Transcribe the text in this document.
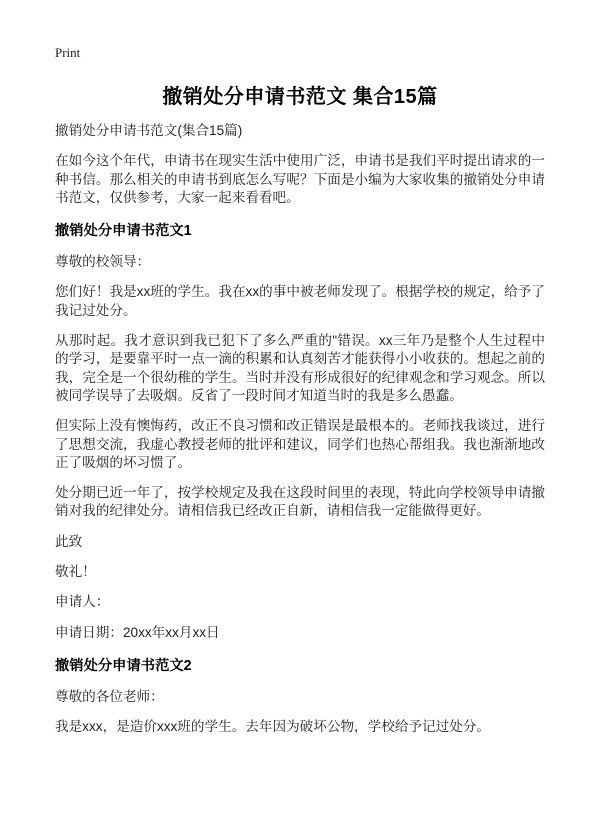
Print
撤销处分申请书范文 集合15篇

撤销处分申请书范文(集合15篇)

在如今这个年代，申请书在现实生活中使用广泛，申请书是我们平时提出请求的一种书信。那么相关的申请书到底怎么写呢？下面是小编为大家收集的撤销处分申请书范文，仅供参考，大家一起来看看吧。

撤销处分申请书范文1

尊敬的校领导：

您们好！我是xx班的学生。我在xx的事中被老师发现了。根据学校的规定，给予了我记过处分。

从那时起。我才意识到我已犯下了多么严重的"错误。xx三年乃是整个人生过程中的学习，是要靠平时一点一滴的积累和认真刻苦才能获得小小收获的。想起之前的我，完全是一个很幼稚的学生。当时并没有形成很好的纪律观念和学习观念。所以被同学误导了去吸烟。反省了一段时间才知道当时的我是多么愚蠢。

但实际上没有懊悔药，改正不良习惯和改正错误是最根本的。老师找我谈过，进行了思想交流，我虚心教授老师的批评和建议，同学们也热心帮组我。我也渐渐地改正了吸烟的坏习惯了。

处分期已近一年了，按学校规定及我在这段时间里的表现，特此向学校领导申请撤销对我的纪律处分。请相信我已经改正自新，请相信我一定能做得更好。

此致

敬礼！

申请人：

申请日期：20xx年xx月xx日

撤销处分申请书范文2

尊敬的各位老师：

我是xxx，是造价xxx班的学生。去年因为破坏公物，学校给予记过处分。
